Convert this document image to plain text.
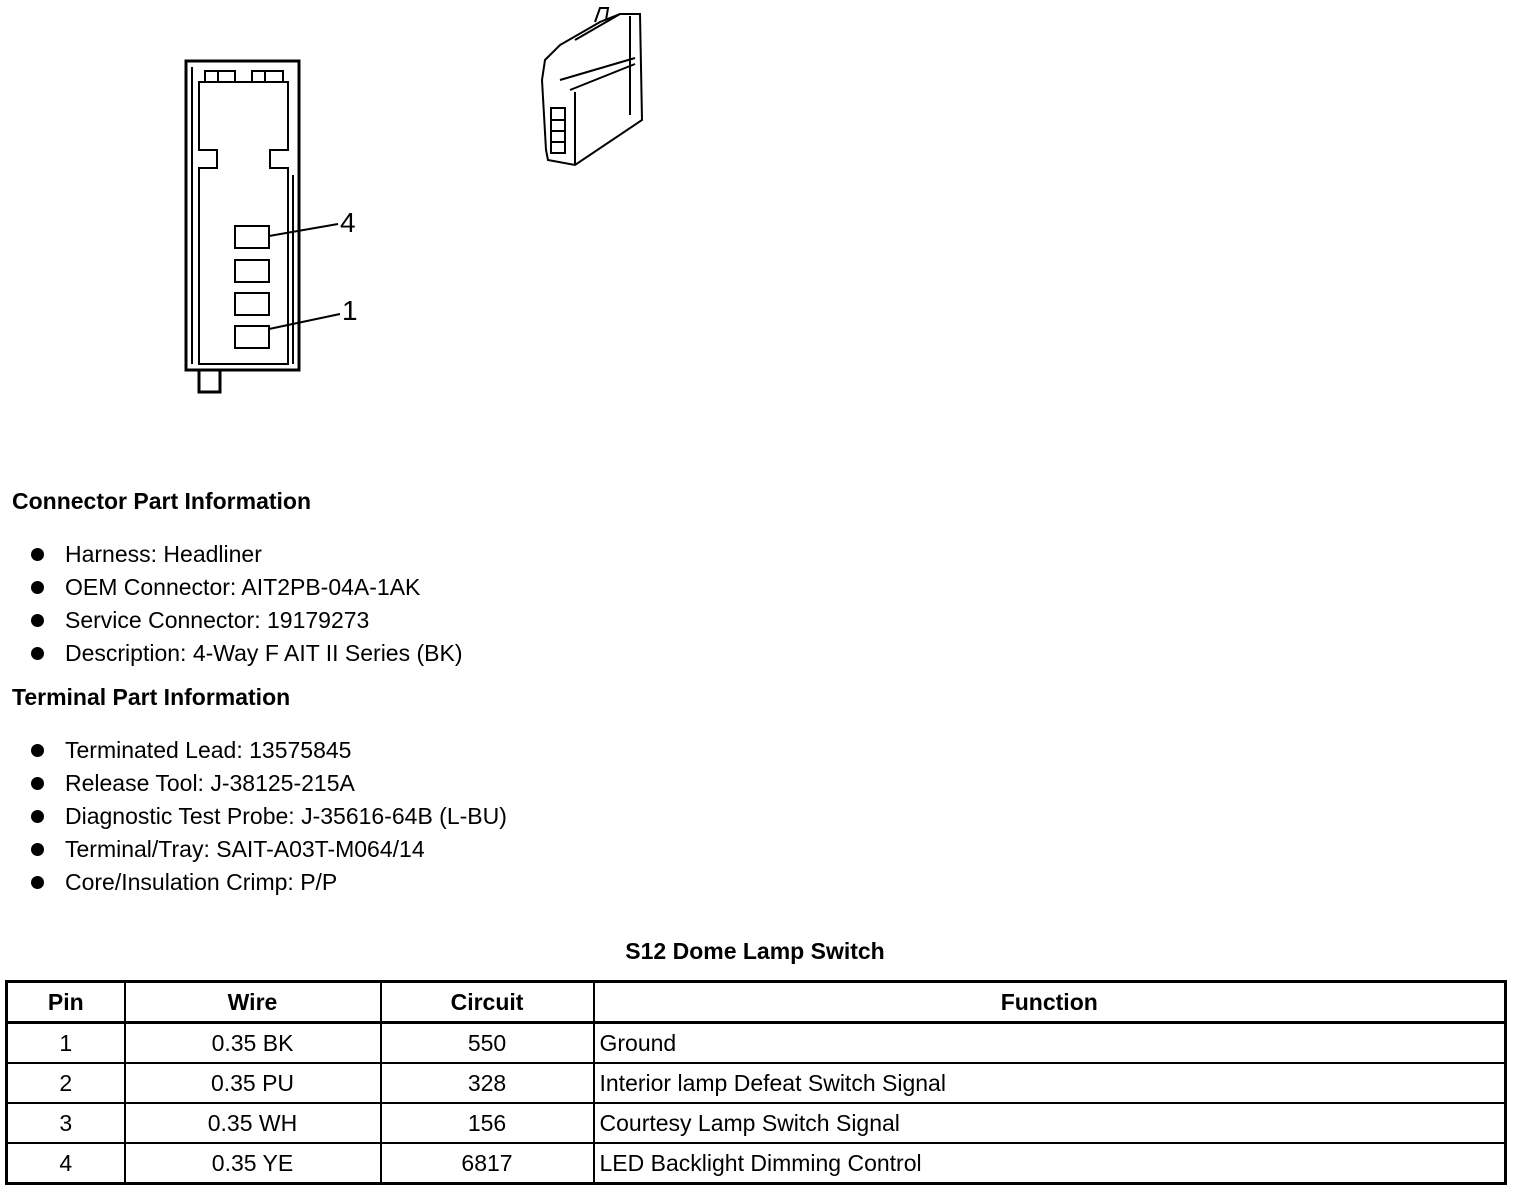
4
1
Connector Part Information
Harness: Headliner
OEM Connector: AIT2PB-04A-1AK
Service Connector: 19179273
Description: 4-Way F AIT II Series (BK)
Terminal Part Information
Terminated Lead: 13575845
Release Tool: J-38125-215A
Diagnostic Test Probe: J-35616-64B (L-BU)
Terminal/Tray: SAIT-A03T-M064/14
Core/Insulation Crimp: P/P
S12 Dome Lamp Switch
Pin	Wire	Circuit	Function
1	0.35 BK	550	Ground
2	0.35 PU	328	Interior lamp Defeat Switch Signal
3	0.35 WH	156	Courtesy Lamp Switch Signal
4	0.35 YE	6817	LED Backlight Dimming Control
